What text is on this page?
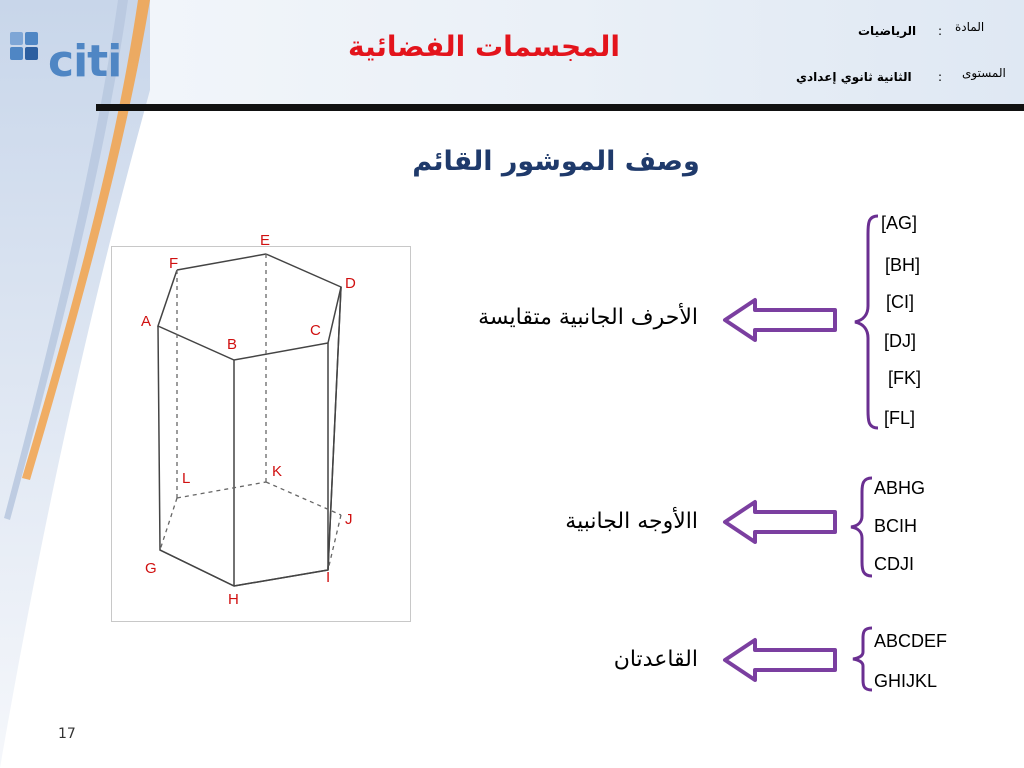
citi	المجسمات الفضائية
المادة
:
الرياضيات
المستوى
:
الثانية ثانوي إعدادي
وصف الموشور القائم
E
F
D
A
C
B
L	K
J
G
I
H
الأحرف الجانبية متقايسة
[AG]
[BH]
[CI]
[DJ]
[FK]
[FL]
االأوجه الجانبية
ABHG
BCIH
CDJI
القاعدتان
ABCDEF
GHIJKL
17
